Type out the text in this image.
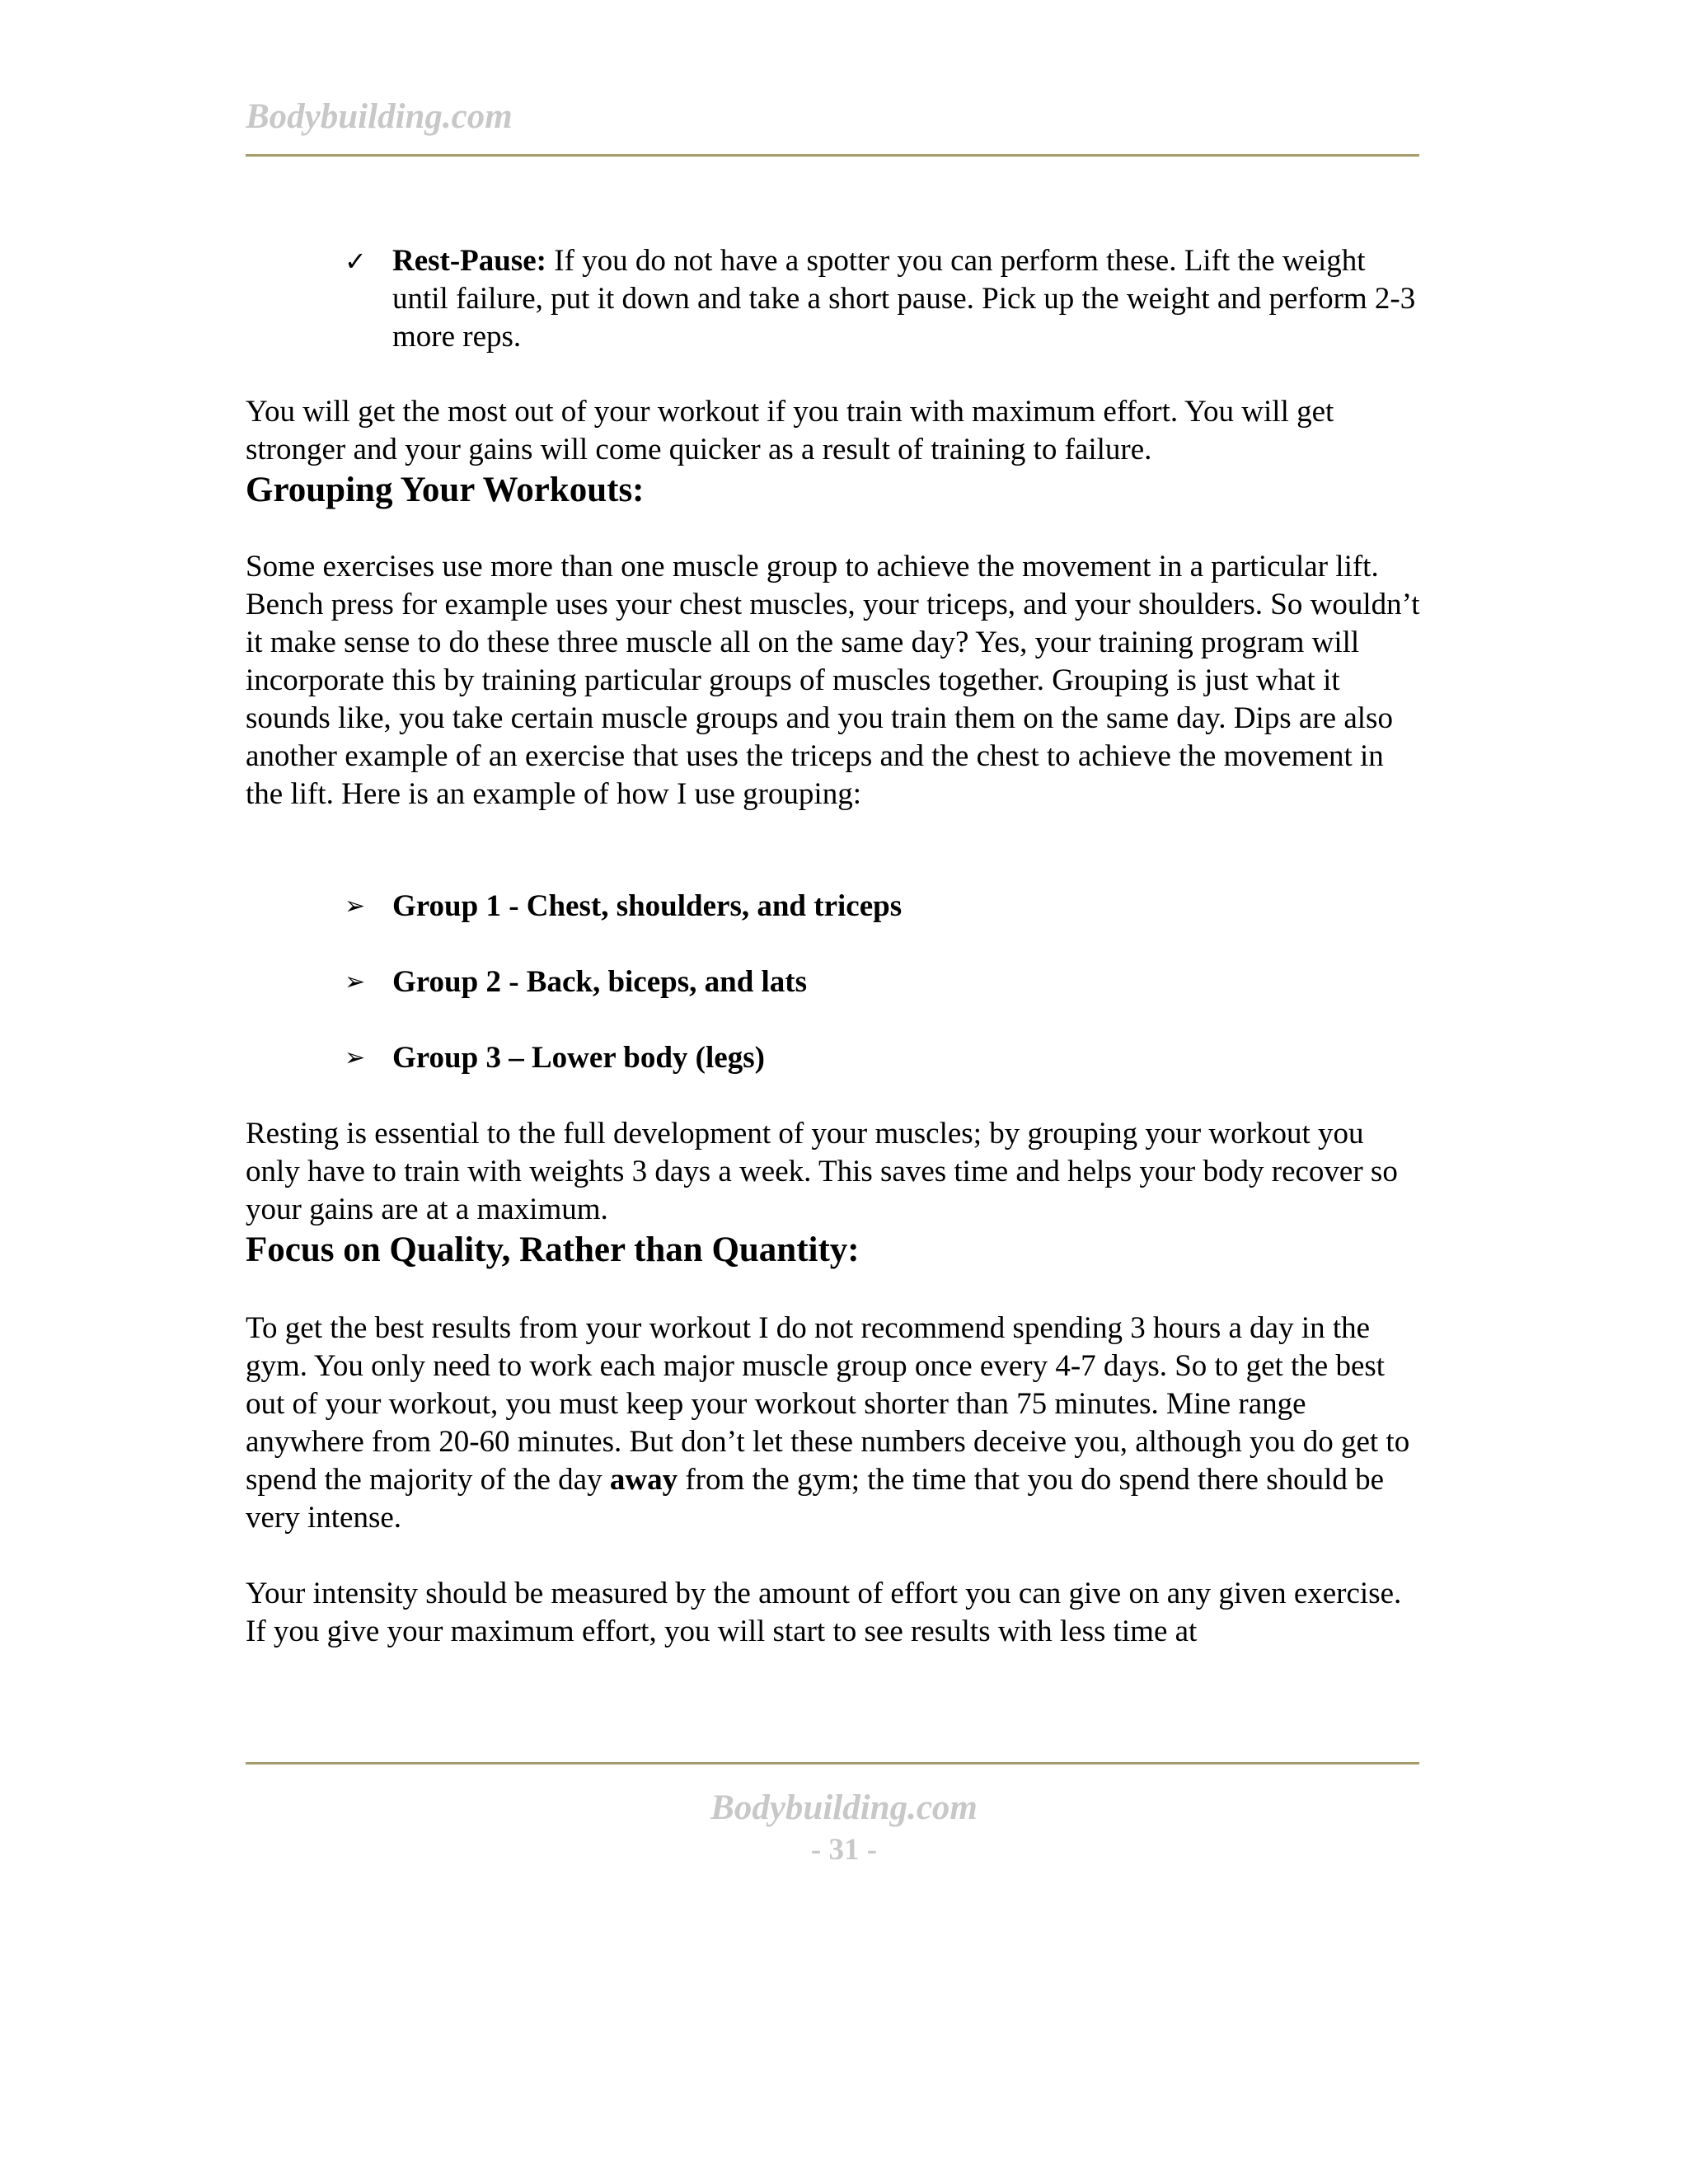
Bodybuilding.com

✓ Rest-Pause: If you do not have a spotter you can perform these. Lift the weight until failure, put it down and take a short pause. Pick up the weight and perform 2-3 more reps.

You will get the most out of your workout if you train with maximum effort. You will get stronger and your gains will come quicker as a result of training to failure.

Grouping Your Workouts:

Some exercises use more than one muscle group to achieve the movement in a particular lift. Bench press for example uses your chest muscles, your triceps, and your shoulders. So wouldn’t it make sense to do these three muscle all on the same day? Yes, your training program will incorporate this by training particular groups of muscles together. Grouping is just what it sounds like, you take certain muscle groups and you train them on the same day. Dips are also another example of an exercise that uses the triceps and the chest to achieve the movement in the lift. Here is an example of how I use grouping:

➢ Group 1 - Chest, shoulders, and triceps
➢ Group 2 - Back, biceps, and lats
➢ Group 3 – Lower body (legs)

Resting is essential to the full development of your muscles; by grouping your workout you only have to train with weights 3 days a week. This saves time and helps your body recover so your gains are at a maximum.

Focus on Quality, Rather than Quantity:

To get the best results from your workout I do not recommend spending 3 hours a day in the gym. You only need to work each major muscle group once every 4-7 days. So to get the best out of your workout, you must keep your workout shorter than 75 minutes. Mine range anywhere from 20-60 minutes. But don’t let these numbers deceive you, although you do get to spend the majority of the day away from the gym; the time that you do spend there should be very intense.

Your intensity should be measured by the amount of effort you can give on any given exercise. If you give your maximum effort, you will start to see results with less time at

Bodybuilding.com
- 31 -
